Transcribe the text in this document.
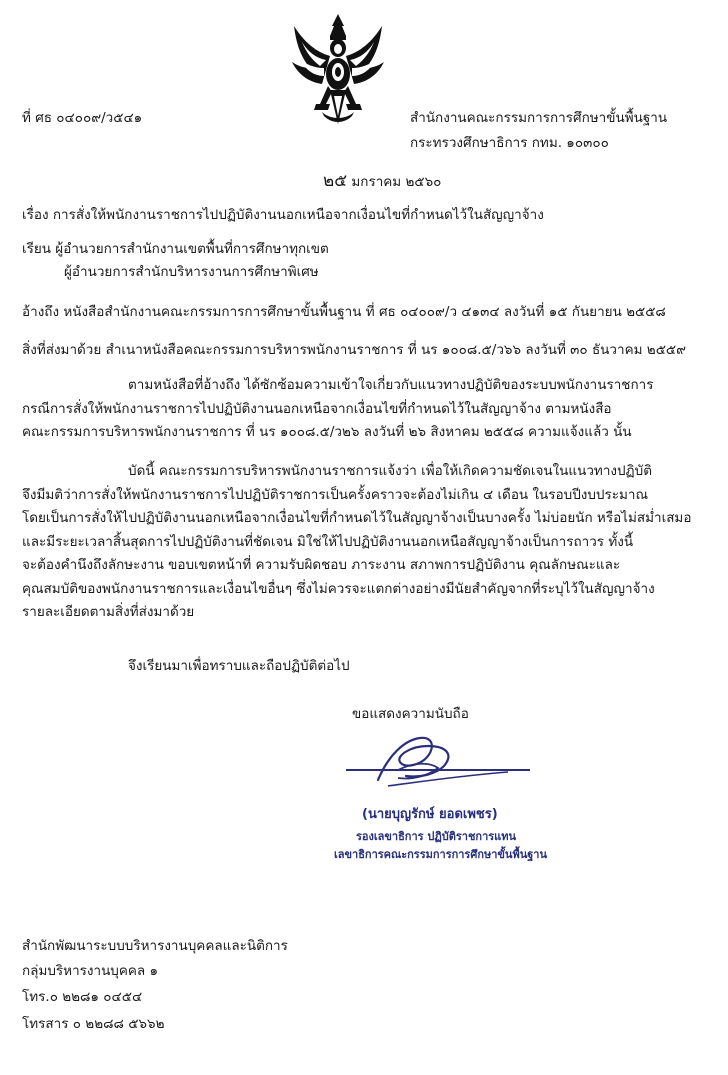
ที่ ศธ ๐๔๐๐๙/ว๕๔๑	สำนักงานคณะกรรมการการศึกษาขั้นพื้นฐาน
กระทรวงศึกษาธิการ กทม. ๑๐๓๐๐
๒๕ มกราคม ๒๕๖๐
เรื่อง การสั่งให้พนักงานราชการไปปฏิบัติงานนอกเหนือจากเงื่อนไขที่กำหนดไว้ในสัญญาจ้าง
เรียน ผู้อำนวยการสำนักงานเขตพื้นที่การศึกษาทุกเขต
ผู้อำนวยการสำนักบริหารงานการศึกษาพิเศษ
อ้างถึง หนังสือสำนักงานคณะกรรมการการศึกษาขั้นพื้นฐาน ที่ ศธ ๐๔๐๐๙/ว ๔๑๓๔ ลงวันที่ ๑๕ กันยายน ๒๕๕๘
สิ่งที่ส่งมาด้วย สำเนาหนังสือคณะกรรมการบริหารพนักงานราชการ ที่ นร ๑๐๐๘.๕/ว๖๖ ลงวันที่ ๓๐ ธันวาคม ๒๕๕๙

ตามหนังสือที่อ้างถึง ได้ซักซ้อมความเข้าใจเกี่ยวกับแนวทางปฏิบัติของระบบพนักงานราชการ

กรณีการสั่งให้พนักงานราชการไปปฏิบัติงานนอกเหนือจากเงื่อนไขที่กำหนดไว้ในสัญญาจ้าง ตามหนังสือ

คณะกรรมการบริหารพนักงานราชการ ที่ นร ๑๐๐๘.๕/ว๒๖ ลงวันที่ ๒๖ สิงหาคม ๒๕๕๘ ความแจ้งแล้ว นั้น

บัดนี้ คณะกรรมการบริหารพนักงานราชการแจ้งว่า เพื่อให้เกิดความชัดเจนในแนวทางปฏิบัติ

จึงมีมติว่าการสั่งให้พนักงานราชการไปปฏิบัติราชการเป็นครั้งคราวจะต้องไม่เกิน ๔ เดือน ในรอบปีงบประมาณ

โดยเป็นการสั่งให้ไปปฏิบัติงานนอกเหนือจากเงื่อนไขที่กำหนดไว้ในสัญญาจ้างเป็นบางครั้ง ไม่บ่อยนัก หรือไม่สม่ำเสมอ

และมีระยะเวลาสิ้นสุดการไปปฏิบัติงานที่ชัดเจน มิใช่ให้ไปปฏิบัติงานนอกเหนือสัญญาจ้างเป็นการถาวร ทั้งนี้

จะต้องคำนึงถึงลักษะงาน ขอบเขตหน้าที่ ความรับผิดชอบ ภาระงาน สภาพการปฏิบัติงาน คุณลักษณะและ

คุณสมบัติของพนักงานราชการและเงื่อนไขอื่นๆ ซึ่งไม่ควรจะแตกต่างอย่างมีนัยสำคัญจากที่ระบุไว้ในสัญญาจ้าง

รายละเอียดตามสิ่งที่ส่งมาด้วย

จึงเรียนมาเพื่อทราบและถือปฏิบัติต่อไป
ขอแสดงความนับถือ
(นายบุญรักษ์ ยอดเพชร)
รองเลขาธิการ ปฏิบัติราชการแทน
เลขาธิการคณะกรรมการการศึกษาขั้นพื้นฐาน
สำนักพัฒนาระบบบริหารงานบุคคลและนิติการ
กลุ่มบริหารงานบุคคล ๑
โทร.๐ ๒๒๘๑ ๐๔๕๔
โทรสาร ๐ ๒๒๘๘ ๕๖๖๒
